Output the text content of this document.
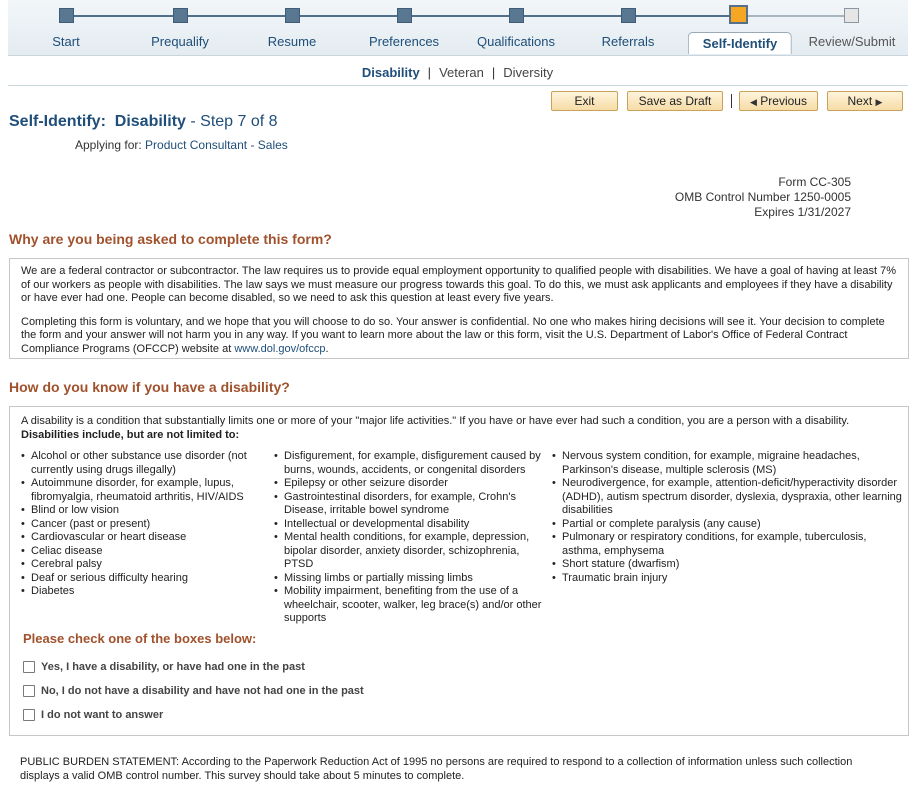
Start	Prequalify	Resume	Preferences	Qualifications	Referrals	Self-Identify	Review/Submit
Disability | Veteran | Diversity
Exit	Save as Draft	◀ Previous	Next ▶
Self-Identify: Disability - Step 7 of 8
Applying for: Product Consultant - Sales
Form CC-305
OMB Control Number 1250-0005
Expires 1/31/2027
Why are you being asked to complete this form?

We are a federal contractor or subcontractor. The law requires us to provide equal employment opportunity to qualified people with disabilities. We have a goal of having at least 7% of our workers as people with disabilities. The law says we must measure our progress towards this goal. To do this, we must ask applicants and employees if they have a disability or have ever had one. People can become disabled, so we need to ask this question at least every five years.

Completing this form is voluntary, and we hope that you will choose to do so. Your answer is confidential. No one who makes hiring decisions will see it. Your decision to complete the form and your answer will not harm you in any way. If you want to learn more about the law or this form, visit the U.S. Department of Labor's Office of Federal Contract Compliance Programs (OFCCP) website at www.dol.gov/ofccp.

How do you know if you have a disability?

A disability is a condition that substantially limits one or more of your "major life activities." If you have or have ever had such a condition, you are a person with a disability. Disabilities include, but are not limited to:

• Alcohol or other substance use disorder (not currently using drugs illegally)
• Autoimmune disorder, for example, lupus, fibromyalgia, rheumatoid arthritis, HIV/AIDS
• Blind or low vision
• Cancer (past or present)
• Cardiovascular or heart disease
• Celiac disease
• Cerebral palsy
• Deaf or serious difficulty hearing
• Diabetes
• Disfigurement, for example, disfigurement caused by burns, wounds, accidents, or congenital disorders
• Epilepsy or other seizure disorder
• Gastrointestinal disorders, for example, Crohn's Disease, irritable bowel syndrome
• Intellectual or developmental disability
• Mental health conditions, for example, depression, bipolar disorder, anxiety disorder, schizophrenia, PTSD
• Missing limbs or partially missing limbs
• Mobility impairment, benefiting from the use of a wheelchair, scooter, walker, leg brace(s) and/or other supports
• Nervous system condition, for example, migraine headaches, Parkinson's disease, multiple sclerosis (MS)
• Neurodivergence, for example, attention-deficit/hyperactivity disorder (ADHD), autism spectrum disorder, dyslexia, dyspraxia, other learning disabilities
• Partial or complete paralysis (any cause)
• Pulmonary or respiratory conditions, for example, tuberculosis, asthma, emphysema
• Short stature (dwarfism)
• Traumatic brain injury
Please check one of the boxes below:
Yes, I have a disability, or have had one in the past
No, I do not have a disability and have not had one in the past
I do not want to answer
PUBLIC BURDEN STATEMENT: According to the Paperwork Reduction Act of 1995 no persons are required to respond to a collection of information unless such collection displays a valid OMB control number. This survey should take about 5 minutes to complete.
